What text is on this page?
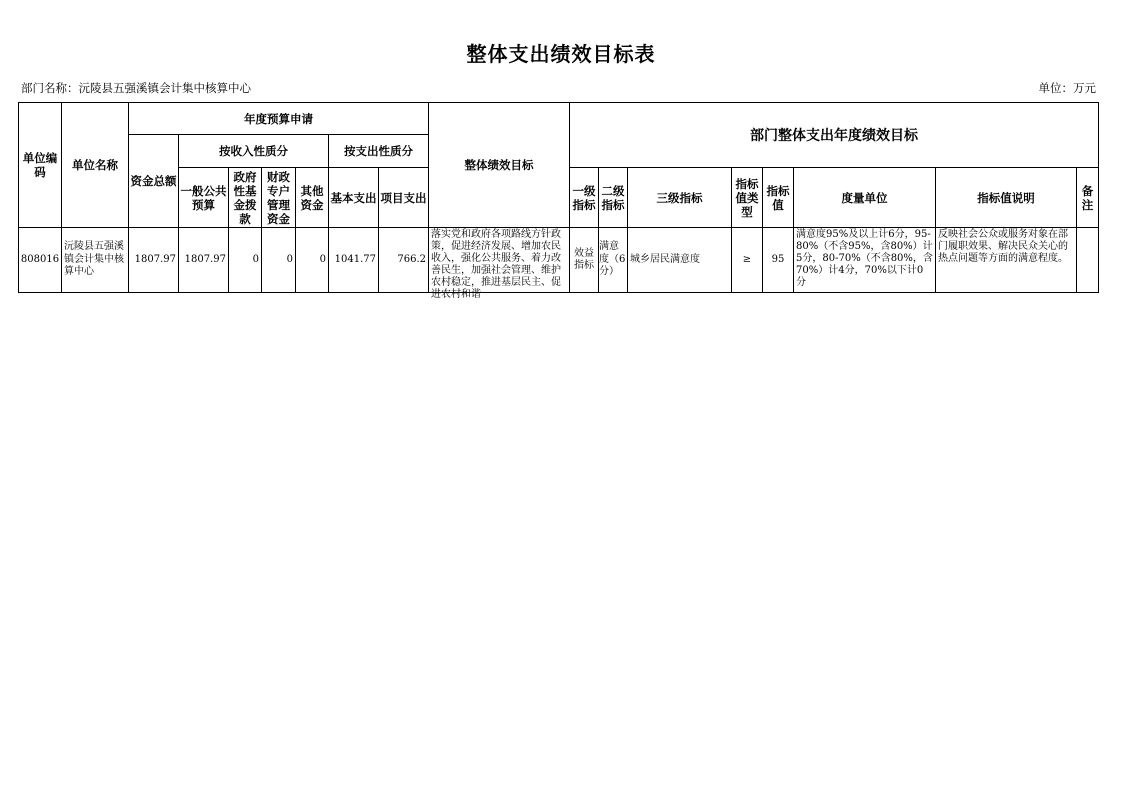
整体支出绩效目标表
部门名称：沅陵县五强溪镇会计集中核算中心	单位：万元
单位编码	单位名称	年度预算申请							整体绩效目标	部门整体支出年度绩效目标							
		资金总额	按收入性质分				按支出性质分										
			一般公共预算	政府性基金拨款	财政专户管理资金	其他资金	基本支出	项目支出		一级指标	二级指标	三级指标	指标值类型	指标值	度量单位	指标值说明	备注
808016	沅陵县五强溪镇会计集中核算中心	1807.97	1807.97	0	0	0	1041.77	766.2	落实党和政府各项路线方针政策，促进经济发展、增加农民收入，强化公共服务、着力改善民生，加强社会管理、维护农村稳定，推进基层民主、促进农村和谐	效益指标	满意度（6分）	城乡居民满意度	≥	95	满意度95%及以上计6分，95-80%（不含95%，含80%）计5分，80-70%（不含80%，含70%）计4分，70%以下计0分	反映社会公众或服务对象在部门履职效果、解决民众关心的热点问题等方面的满意程度。	
